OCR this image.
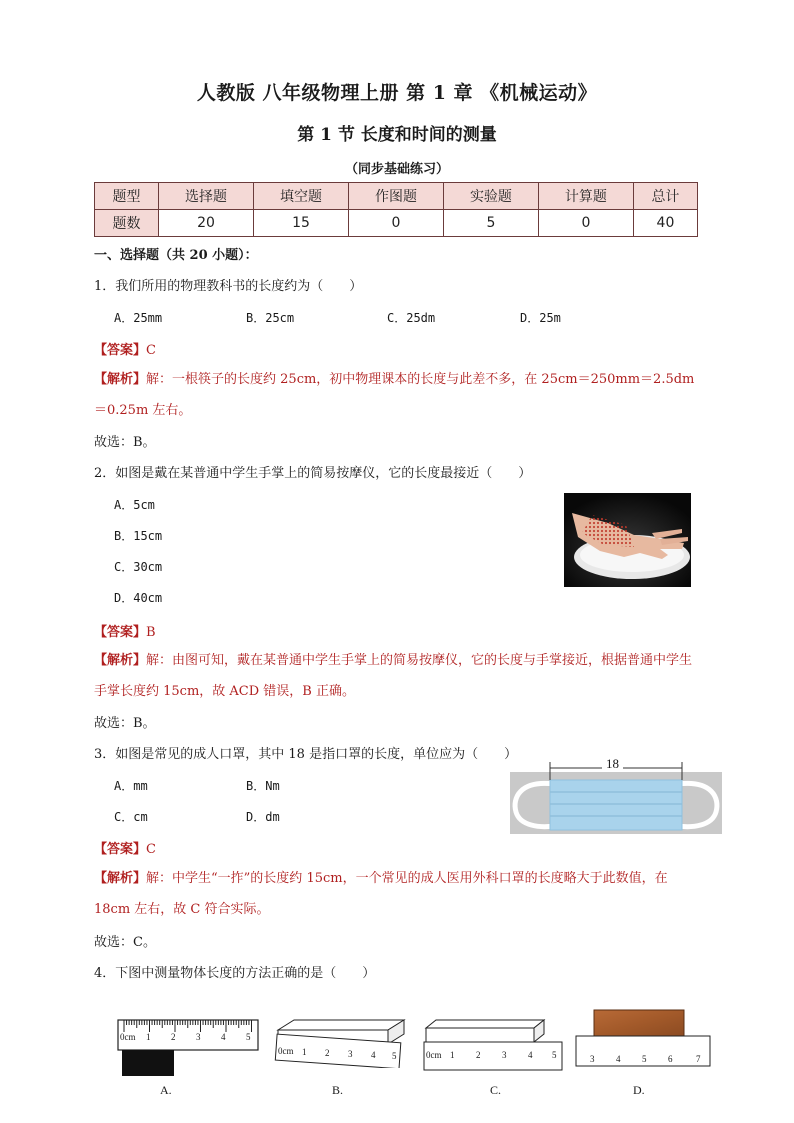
人教版 八年级物理上册 第 1 章 《机械运动》
第 1 节 长度和时间的测量
（同步基础练习）
题型	选择题	填空题	作图题	实验题	计算题	总计
题数	20	15	0	5	0	40
一、选择题（共 20 小题）：
1．我们所用的物理教科书的长度约为（　　）
A．25mm	B．25cm	C．25dm	D．25m
【答案】C
【解析】解：一根筷子的长度约 25cm，初中物理课本的长度与此差不多，在 25cm＝250mm＝2.5dm＝0.25m 左右。
故选：B。
2．如图是戴在某普通中学生手掌上的简易按摩仪，它的长度最接近（　　）
A．5cm
B．15cm
C．30cm
D．40cm
【答案】B
【解析】解：由图可知，戴在某普通中学生手掌上的简易按摩仪，它的长度与手掌接近，根据普通中学生手掌长度约 15cm，故 ACD 错误，B 正确。
故选：B。
3．如图是常见的成人口罩，其中 18 是指口罩的长度，单位应为（　　）
A．mm	B．Nm
C．cm	D．dm
18
【答案】C
【解析】解：中学生“一拃”的长度约 15cm，一个常见的成人医用外科口罩的长度略大于此数值，在 18cm 左右，故 C 符合实际。
故选：C。
4．下图中测量物体长度的方法正确的是（　　）
0cm 1 2 3 4 5
A.
0cm 1 2 3 4 5
B.
0cm 1 2 3 4 5
C.
3 4 5 6	7
D.
